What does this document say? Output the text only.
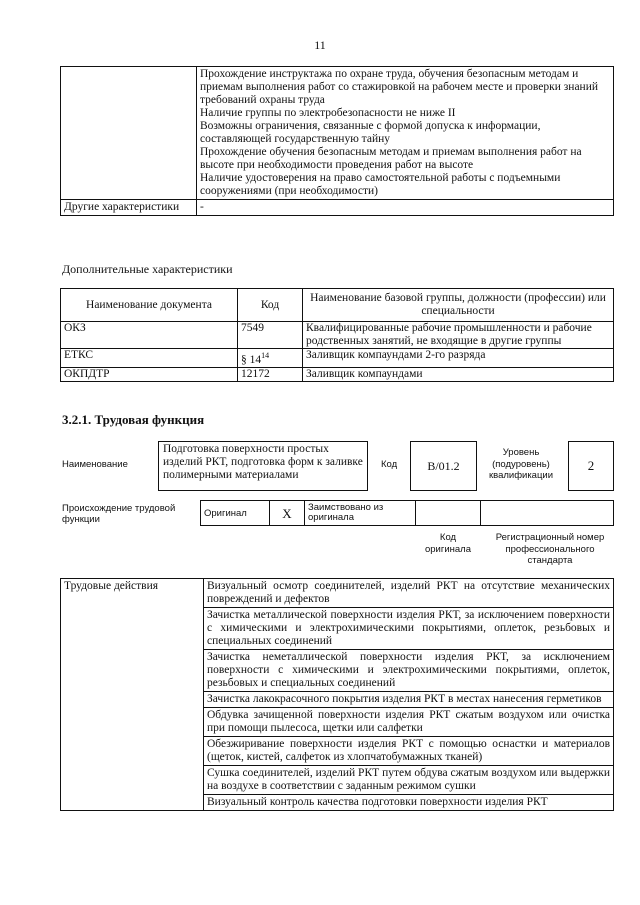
11

	Прохождение инструктажа по охране труда, обучения безопасным методам и приемам выполнения работ со стажировкой на рабочем месте и проверки знаний требований охраны труда
Наличие группы по электробезопасности не ниже II
Возможны ограничения, связанные с формой допуска к информации, составляющей государственную тайну
Прохождение обучения безопасным методам и приемам выполнения работ на высоте при необходимости проведения работ на высоте
Наличие удостоверения на право самостоятельной работы с подъемными сооружениями (при необходимости)

Другие характеристики	-
Дополнительные характеристики
Наименование документа	Код	Наименование базовой группы, должности (профессии) или специальности
ОКЗ	7549	Квалифицированные рабочие промышленности и рабочие родственных занятий, не входящие в другие группы
ЕТКС	§ $14^{14}$	Заливщик компаундами 2-го разряда
ОКПДТР	12172	Заливщик компаундами
3.2.1. Трудовая функция
Наименование
Подготовка поверхности простых изделий РКТ, подготовка форм к заливке полимерными материалами
Код	В/01.2
Уровень (подуровень) квалификации
2
Происхождение трудовой функции
Оригинал	X	Заимствовано из оригинала		
Код оригинала
Регистрационный номер профессионального стандарта
Трудовые действия	Визуальный осмотр соединителей, изделий РКТ на отсутствие механических повреждений и дефектов
Зачистка металлической поверхности изделия РКТ, за исключением поверхности с химическими и электрохимическими покрытиями, оплеток, резьбовых и специальных соединений
Зачистка неметаллической поверхности изделия РКТ, за исключением поверхности с химическими и электрохимическими покрытиями, оплеток, резьбовых и специальных соединений
Зачистка лакокрасочного покрытия изделия РКТ в местах нанесения герметиков
Обдувка зачищенной поверхности изделия РКТ сжатым воздухом или очистка при помощи пылесоса, щетки или салфетки
Обезжиривание поверхности изделия РКТ с помощью оснастки и материалов (щеток, кистей, салфеток из хлопчатобумажных тканей)
Сушка соединителей, изделий РКТ путем обдува сжатым воздухом или выдержки на воздухе в соответствии с заданным режимом сушки
Визуальный контроль качества подготовки поверхности изделия РКТ
